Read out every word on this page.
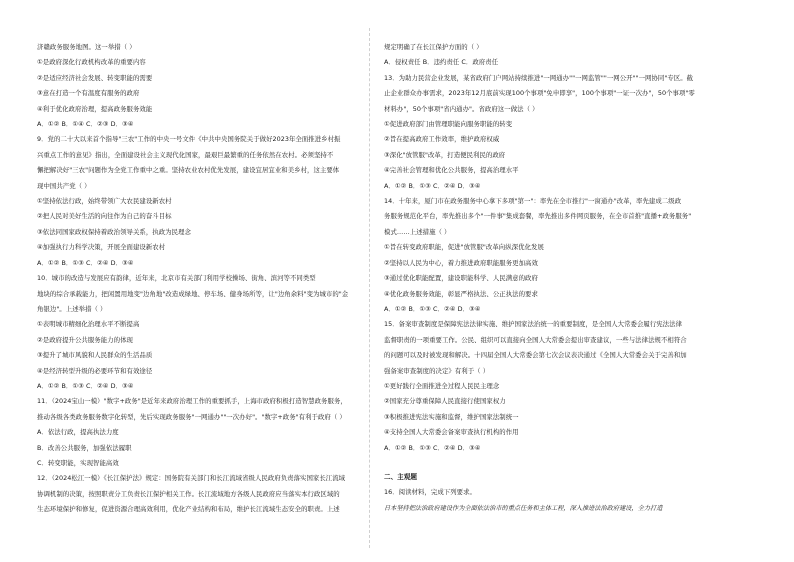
济赣政务服务地图。这一举措（ ）
①是政府深化行政机构改革的重要内容
②是适应经济社会发展、转变职能的需要
③意在打造一个有温度有服务的政府
④利于优化政府治理，提高政务服务效能
A．①② B．①④ C．②③ D．③④
9．党的二十大以来首个指导"三农"工作的中央一号文件《中共中央国务院关于做好2023年全面推进乡村振
兴重点工作的意见》指出，全面建设社会主义现代化国家，最艰巨最繁重的任务依然在农村。必须坚持不
懈把解决好"三农"问题作为全党工作重中之重。坚持农业农村优先发展，建设宜居宜业和美乡村，这主要体
现中国共产党（ ）
①坚持依法行政，始终带领广大农民建设新农村
②把人民对美好生活的向往作为自己的奋斗目标
③依法同国家政权保持着政治领导关系，执政为民理念
④加强执行力科学决策，开展全面建设新农村
A．①② B．①③ C．②④ D．③④
10．城市的改造与发展应有韵律，近年来，北京市有关部门利用学校操场、街角、滨河等不同类型
地块的综合承载能力，把闲置用地变"边角地"改造成绿地、停车场、健身场所等，让"边角余料"变为城市的"金
角银边"。上述举措（ ）
①表明城市精细化治理水平不断提高
②是政府提升公共服务能力的体现
③提升了城市风貌和人民群众的生活品质
④是经济转型升级的必要环节和有效途径
A．①② B．①③ C．②④ D．③④
11．（2024宝山一模）"数字+政务"是近年来政府治理工作的重要抓手，上海市政府积极打造智慧政务服务，
推动各级各类政务服务数字化转型，先后实现政务服务"一网通办""一次办好"。"数字+政务"有利于政府（ ）
A．依法行政，提高执法力度
B．改善公共服务，加强依法履职
C．转变职能，实现智能高效
12．（2024松江一模）《长江保护法》规定：国务院有关部门和长江流域省级人民政府负责落实国家长江流域
协调机制的决策，按照职责分工负责长江保护相关工作。长江流域地方各级人民政府应当落实本行政区域的
生态环境保护和修复，促进资源合理高效利用，优化产业结构和布局，维护长江流域生态安全的职责。上述
规定明确了在长江保护方面的（ ）
A．侵权责任 B．违约责任 C．政府责任
13．为助力民营企业发展，某省政府门户网站持续推进"一网通办""一网监管""一网公开""一网协同"专区。截
止企业群众办事需求，2023年12月底前实现100个事项"免申即享"，100个事项"一证一次办"，50个事项"零
材料办"，50个事项"省内通办"。省政府这一做法（ ）
①促进政府部门由管理职能向服务职能的转变
②旨在提高政府工作效率，维护政府权威
③深化"放管服"改革，打造便民利民的政府
④完善社会管理和优化公共服务，提高治理水平
A．①② B．①③ C．②④ D．③④
14．十年来，厦门市在政务服务中心拿下多项"第一"：率先在全市推行"一窗通办"改革，率先建成二级政
务服务规范化平台，率先推出多个"一件事"集成套餐，率先推出多件网页服务，在全市首推"直播+政务服务"
模式……上述措施（ ）
①旨在转变政府职能，促进"放管服"改革向纵深优化发展
②坚持以人民为中心，着力推进政府职能服务更加高效
③通过优化职能配置，建设职能科学、人民满意的政府
④优化政务服务效能，彰显严格执法、公正执法的要求
A．①② B．①③ C．②④ D．③④
15．备案审查制度是保障宪法法律实施、维护国家法治统一的重要制度，是全国人大常委会履行宪法法律
监督职责的一项重要工作。公民、组织可以直接向全国人大常委会提出审查建议，一些与法律法规不相符合
的问题可以及时被发现和解决。十四届全国人大常委会第七次会议表决通过《全国人大常委会关于完善和加
强备案审查制度的决定》有利于（ ）
①更好践行全面推进全过程人民民主理念
②国家充分尊重保障人民直接行使国家权力
③积极推进宪法实施和监督，维护国家法制统一
④支持全国人大常委会备案审查执行机构的作用
A．①② B．①③ C．②④ D．③④
二、主观题
16．阅读材料，完成下列要求。
日本坚持把法治政府建设作为全面依法治市的重点任务和主体工程，深入推进法治政府建设，全力打造
